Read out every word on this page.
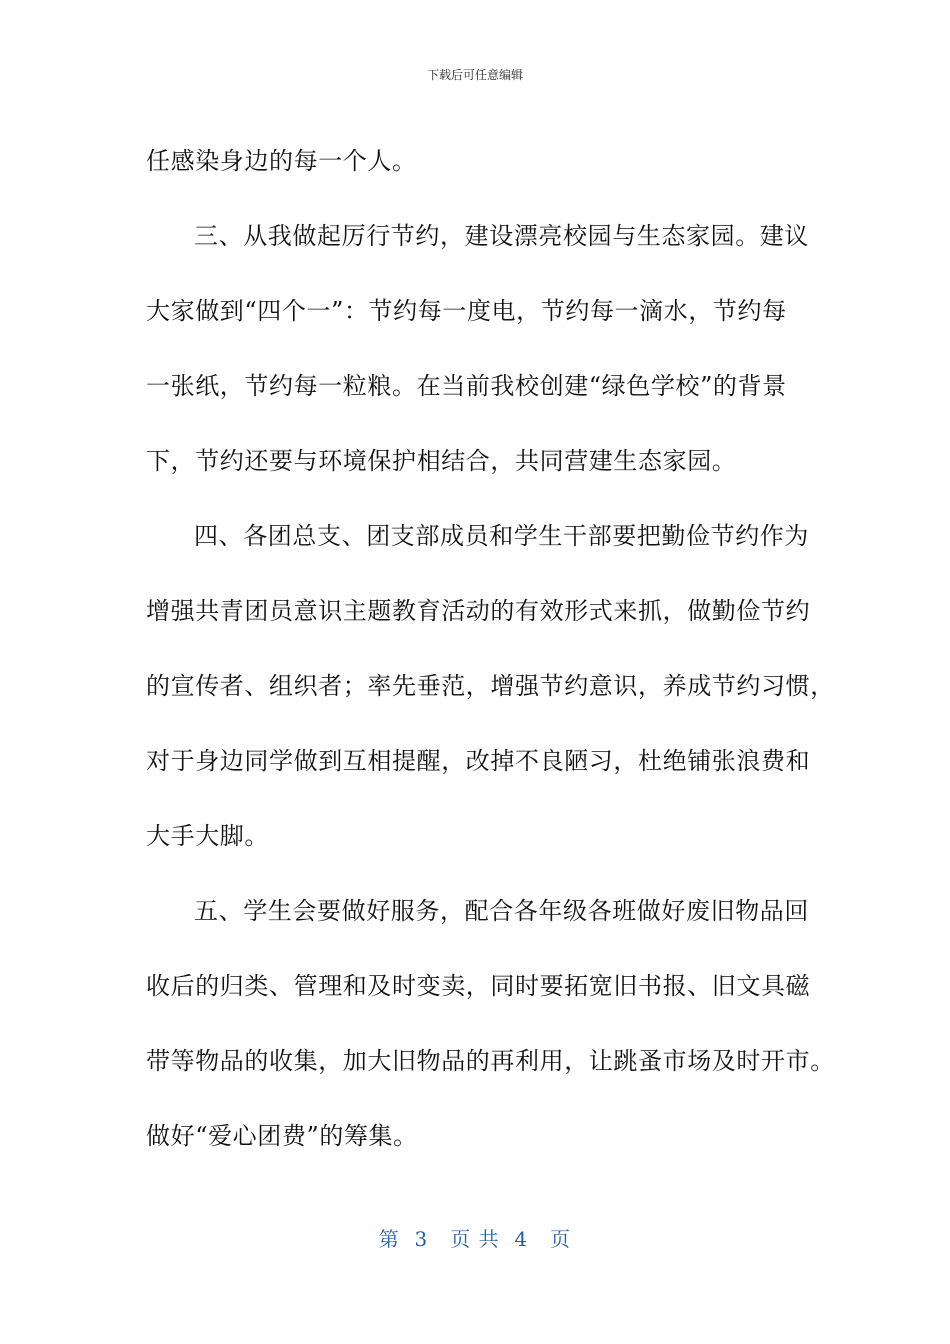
下载后可任意编辑
任感染身边的每一个人。
三、从我做起厉行节约，建设漂亮校园与生态家园。建议
大家做到“四个一”：节约每一度电，节约每一滴水，节约每
一张纸，节约每一粒粮。在当前我校创建“绿色学校”的背景
下，节约还要与环境保护相结合，共同营建生态家园。
四、各团总支、团支部成员和学生干部要把勤俭节约作为
增强共青团员意识主题教育活动的有效形式来抓，做勤俭节约
的宣传者、组织者；率先垂范，增强节约意识，养成节约习惯，
对于身边同学做到互相提醒，改掉不良陋习，杜绝铺张浪费和
大手大脚。
五、学生会要做好服务，配合各年级各班做好废旧物品回
收后的归类、管理和及时变卖，同时要拓宽旧书报、旧文具磁
带等物品的收集，加大旧物品的再利用，让跳蚤市场及时开市。
做好“爱心团费”的筹集。
第  3   页 共  4   页
